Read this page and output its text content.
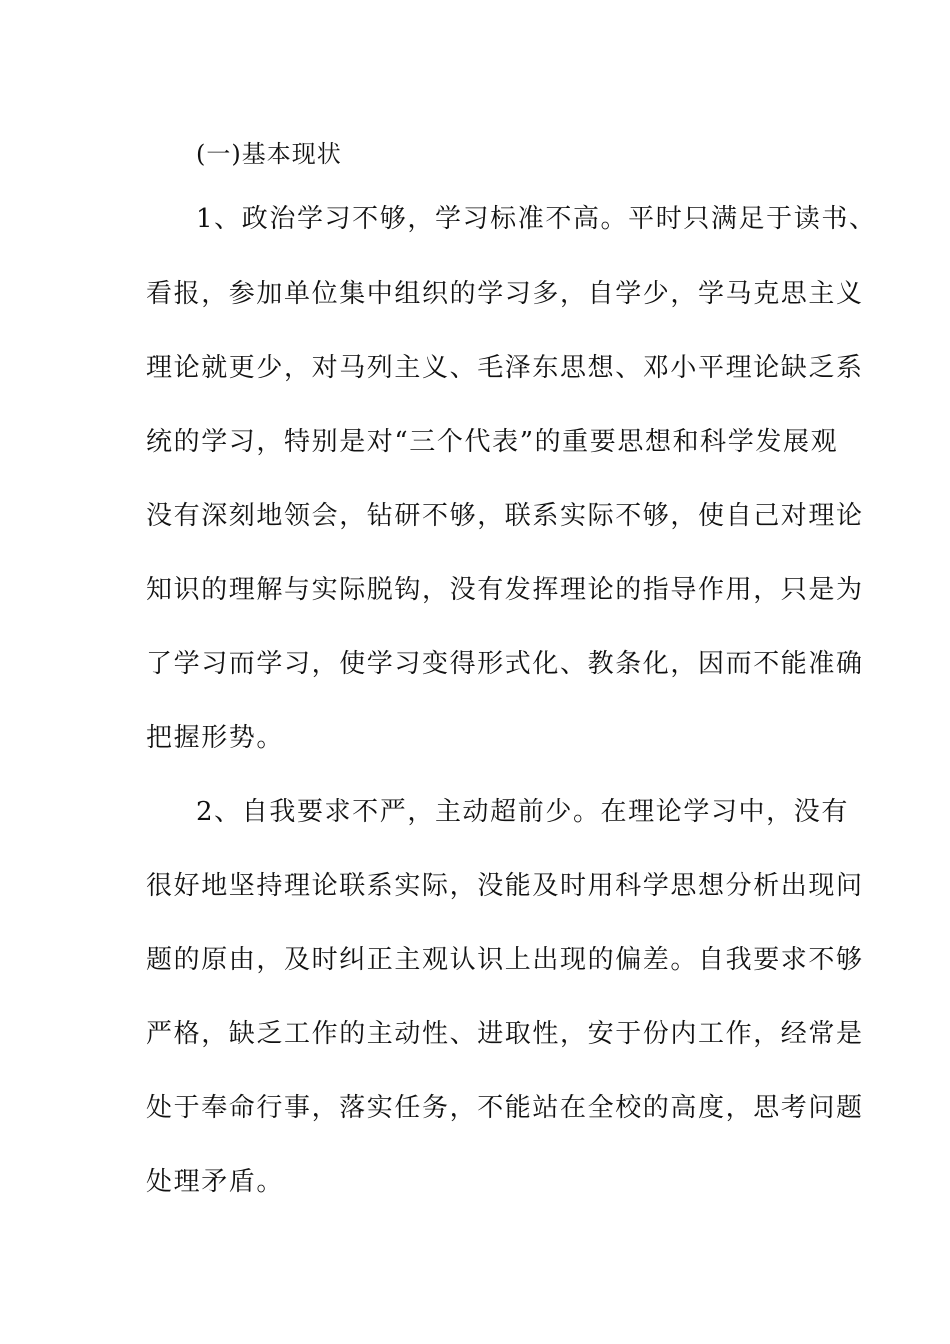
(一)基本现状
1、政治学习不够，学习标准不高。平时只满足于读书、
看报，参加单位集中组织的学习多，自学少，学马克思主义
理论就更少，对马列主义、毛泽东思想、邓小平理论缺乏系
统的学习，特别是对“三个代表”的重要思想和科学发展观
没有深刻地领会，钻研不够，联系实际不够，使自己对理论
知识的理解与实际脱钩，没有发挥理论的指导作用，只是为
了学习而学习，使学习变得形式化、教条化，因而不能准确
把握形势。
2、自我要求不严，主动超前少。在理论学习中，没有
很好地坚持理论联系实际，没能及时用科学思想分析出现问
题的原由，及时纠正主观认识上出现的偏差。自我要求不够
严格，缺乏工作的主动性、进取性，安于份内工作，经常是
处于奉命行事，落实任务，不能站在全校的高度，思考问题
处理矛盾。
